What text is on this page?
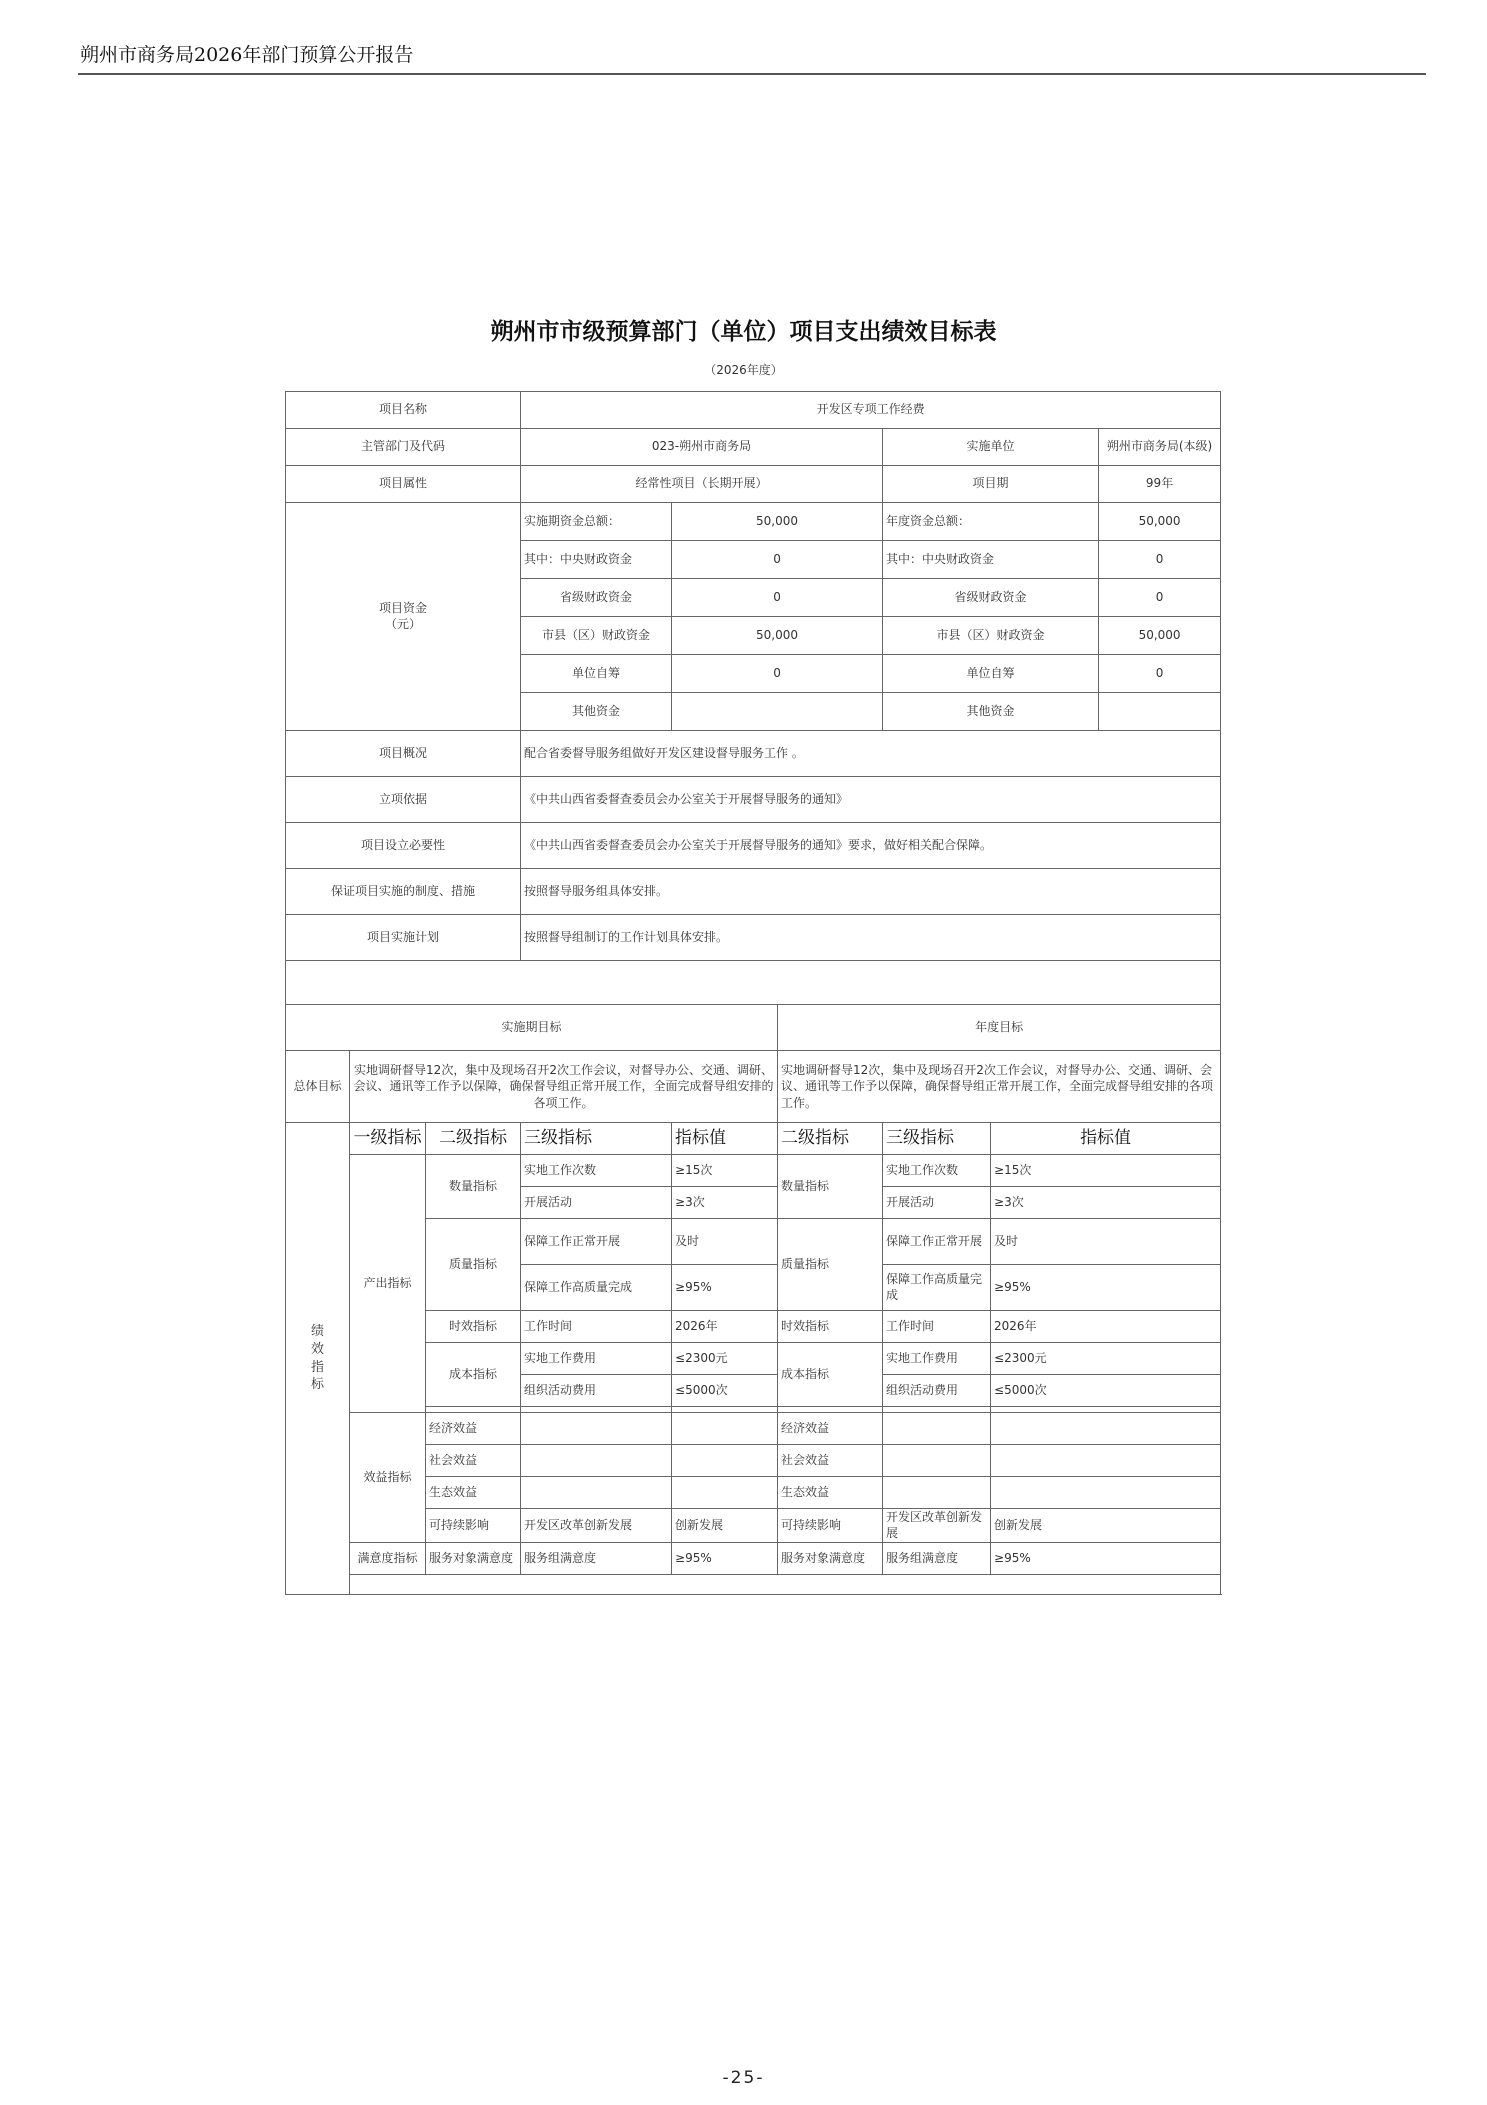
朔州市商务局2026年部门预算公开报告
朔州市市级预算部门（单位）项目支出绩效目标表
（2026年度）
项目名称			开发区专项工作经费					
主管部门及代码			023-朔州市商务局			实施单位		朔州市商务局(本级)
项目属性			经常性项目（长期开展）			项目期		99年
项目资金
（元）			实施期资金总额：	50,000		年度资金总额：		50,000
			其中：中央财政资金	0		其中：中央财政资金		0
			省级财政资金	0		省级财政资金		0
			市县（区）财政资金	50,000		市县（区）财政资金		50,000
			单位自筹	0		单位自筹		0
			其他资金			其他资金		
项目概况			配合省委督导服务组做好开发区建设督导服务工作 。					
立项依据			《中共山西省委督查委员会办公室关于开展督导服务的通知》					
项目设立必要性			《中共山西省委督查委员会办公室关于开展督导服务的通知》要求，做好相关配合保障。					
保证项目实施的制度、措施			按照督导服务组具体安排。					
项目实施计划			按照督导组制订的工作计划具体安排。					

实施期目标					年度目标			
总体目标	实地调研督导12次，集中及现场召开2次工作会议，对督导办公、交通、调研、会议、通讯等工作予以保障，确保督导组正常开展工作，全面完成督导组安排的各项工作。				实地调研督导12次，集中及现场召开2次工作会议，对督导办公、交通、调研、会议、通讯等工作予以保障，确保督导组正常开展工作，全面完成督导组安排的各项工作。			
绩
效
指
标	一级指标	二级指标	三级指标	指标值	二级指标	三级指标	指标值	
	产出指标	数量指标	实地工作次数	≥15次	数量指标	实地工作次数	≥15次	
			开展活动	≥3次		开展活动	≥3次	
		质量指标	保障工作正常开展	及时	质量指标	保障工作正常开展	及时	
			保障工作高质量完成	≥95%		保障工作高质量完成	≥95%	
		时效指标	工作时间	2026年	时效指标	工作时间	2026年	
		成本指标	实地工作费用	≤2300元	成本指标	实地工作费用	≤2300元	
			组织活动费用	≤5000次		组织活动费用	≤5000次	

	效益指标	经济效益			经济效益			
		社会效益			社会效益			
		生态效益			生态效益			
		可持续影响	开发区改革创新发展	创新发展	可持续影响	开发区改革创新发展	创新发展	
	满意度指标	服务对象满意度	服务组满意度	≥95%	服务对象满意度	服务组满意度	≥95%	

-25-
